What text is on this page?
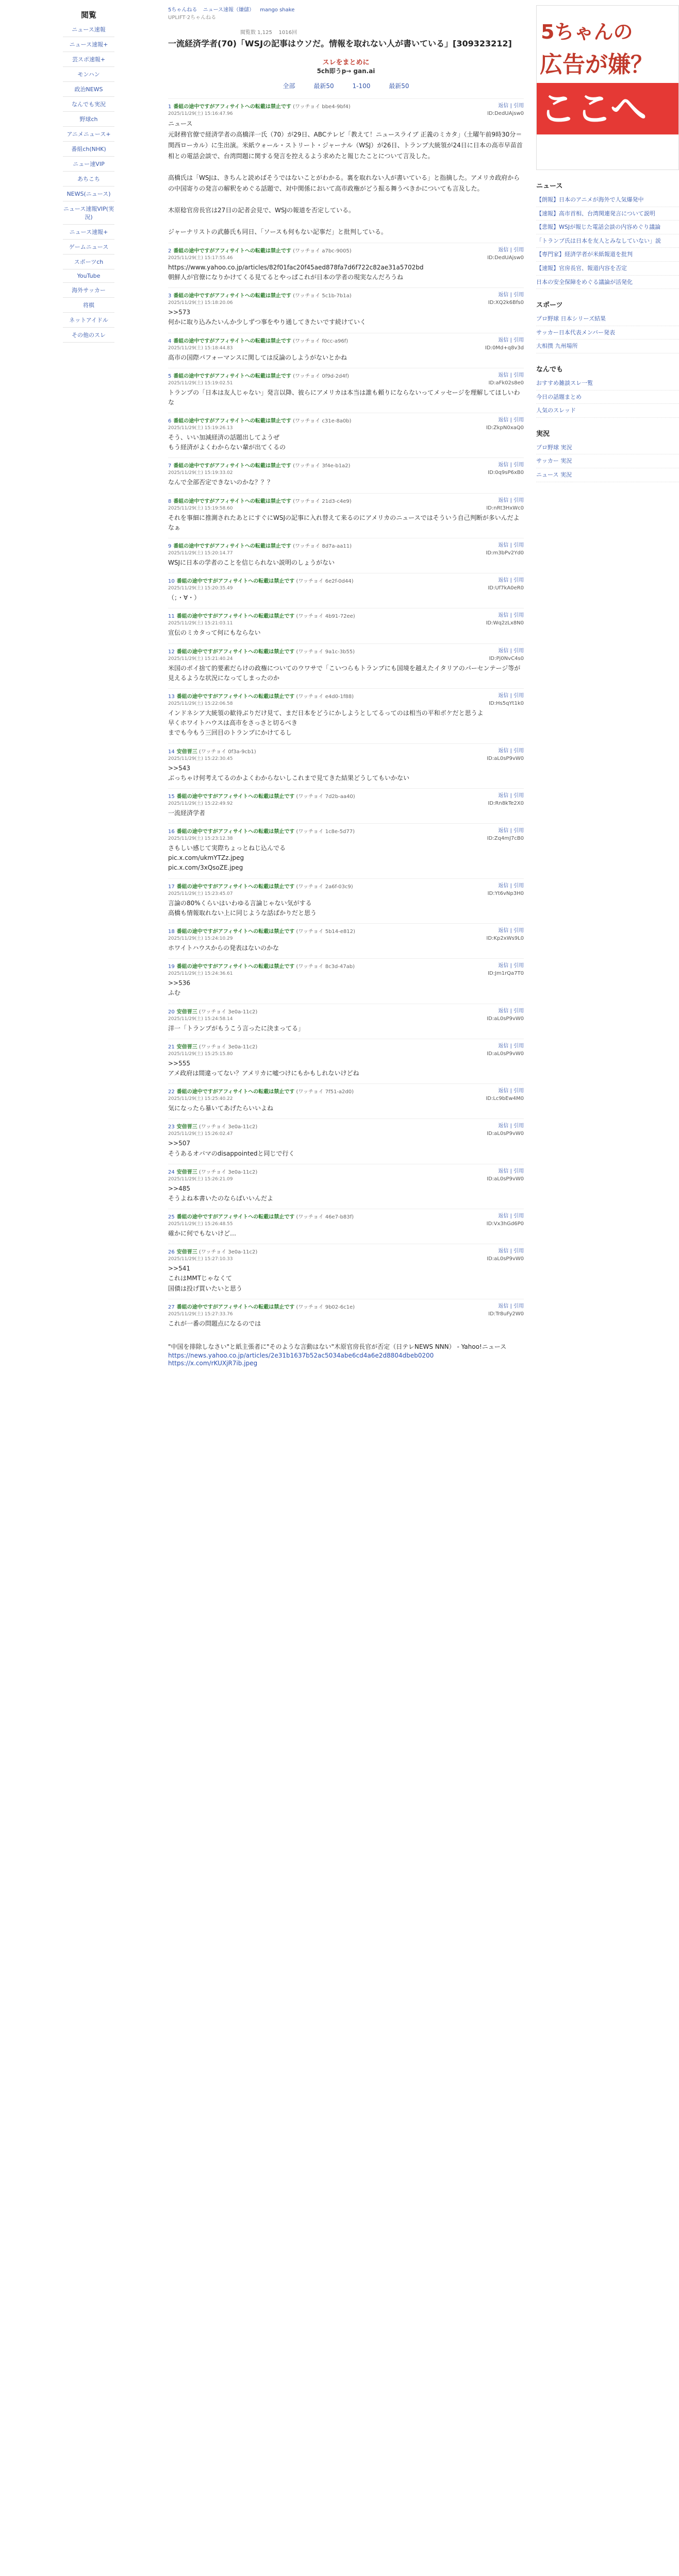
閲覧
ニュース速報
ニュース速報+
芸スポ速報+
モンハン
政治NEWS
なんでも実況
野球ch
アニメニュース+
番組ch(NHK)
ニュー速VIP
あちこち
NEWS(ニュース)
ニュース速報VIP(実況)
ニュース速報+
ゲームニュース
スポーツch
YouTube
海外サッカー
将棋
ネットアイドル
その他のスレ
5ちゃんねる ニュース速報（嫌儲） mango shake
UPLIFT·2ちゃんねる
閲覧数 1,125 1016回
一流経済学者(70)「WSJの記事はウソだ。情報を取れない人が書いている」[309323212]
スレをまとめに
5ch即うp→ gan.ai
全部	最新50	1-100	最新50
1 番組の途中ですがアフィサイトへの転載は禁止です (ワッチョイ bbe4-9bf4)
2025/11/29(土) 15:16:47.96
返信 | 引用
ID:DedUAjsw0
ニュース
元財務官僚で経済学者の高橋洋一氏（70）が29日、ABCテレビ「教えて！ニュースライブ 正義のミカタ」（土曜午前9時30分＝関西ローカル）に生出演。米紙ウォール・ストリート・ジャーナル（WSJ）が26日、トランプ大統領が24日に日本の高市早苗首相との電話会談で、台湾問題に関する発言を控えるよう求めたと報じたことについて言及した。

高橋氏は「WSJは、きちんと読めばそうではないことがわかる。裏を取れない人が書いている」と指摘した。アメリカ政府からの中国寄りの発言の解釈をめぐる話題で、対中関係において高市政権がどう振る舞うべきかについても言及した。

木原稔官房長官は27日の記者会見で、WSJの報道を否定している。

ジャーナリストの武藤氏も同日、「ソースも何もない記事だ」と批判している。
2 番組の途中ですがアフィサイトへの転載は禁止です (ワッチョイ a7bc-9005)
2025/11/29(土) 15:17:55.46
返信 | 引用
ID:DedUAjsw0
https://www.yahoo.co.jp/articles/82f01fac20f45aed878fa7d6f722c82ae31a5702bd
朝鮮人が官僚になりかけてくる見てるとやっぱこれが日本の学者の現実なんだろうね
3 番組の途中ですがアフィサイトへの転載は禁止です (ワッチョイ 5c1b-7b1a)
2025/11/29(土) 15:18:20.06
返信 | 引用
ID:XQ2k6Bfs0
>>573
何かに取り込みたいんか少しずつ事をやり通してきたいです続けていく
4 番組の途中ですがアフィサイトへの転載は禁止です (ワッチョイ f0cc-a96f)
2025/11/29(土) 15:18:44.83
返信 | 引用
ID:0Md+q8v3d
高市の国際パフォーマンスに関しては反論のしようがないとかね
5 番組の途中ですがアフィサイトへの転載は禁止です (ワッチョイ 0f9d-2d4f)
2025/11/29(土) 15:19:02.51
返信 | 引用
ID:aFk02s8e0
トランプの「日本は友人じゃない」発言以降、彼らにアメリカは本当は誰も頼りにならないってメッセージを理解してほしいわな
6 番組の途中ですがアフィサイトへの転載は禁止です (ワッチョイ c31e-8a0b)
2025/11/29(土) 15:19:26.13
返信 | 引用
ID:ZkpN0xaQ0
そう、いい加減経済の話題出してようぜ
もう経済がよくわからない輩が出てくるの
7 番組の途中ですがアフィサイトへの転載は禁止です (ワッチョイ 3f4e-b1a2)
2025/11/29(土) 15:19:33.02
返信 | 引用
ID:0q9sP6xB0
なんで全部否定できないのかな？？？
8 番組の途中ですがアフィサイトへの転載は禁止です (ワッチョイ 21d3-c4e9)
2025/11/29(土) 15:19:58.60
返信 | 引用
ID:nRt3HxWc0
それを事細に推測されたあとにすぐにWSJの記事に入れ替えて来るのにアメリカのニュースではそういう自己判断が多いんだよなぁ
9 番組の途中ですがアフィサイトへの転載は禁止です (ワッチョイ 8d7a-aa11)
2025/11/29(土) 15:20:14.77
返信 | 引用
ID:m3bPv2Yd0
WSJに日本の学者のことを信じられない説明のしょうがない
10 番組の途中ですがアフィサイトへの転載は禁止です (ワッチョイ 6e2f-0d44)
2025/11/29(土) 15:20:35.49
返信 | 引用
ID:Uf7kA0eR0
（；・∀・）
11 番組の途中ですがアフィサイトへの転載は禁止です (ワッチョイ 4b91-72ee)
2025/11/29(土) 15:21:03.11
返信 | 引用
ID:Wq2zLx8N0
宣伝のミカタって何にもならない
12 番組の途中ですがアフィサイトへの転載は禁止です (ワッチョイ 9a1c-3b55)
2025/11/29(土) 15:21:40.24
返信 | 引用
ID:Pj0NvC4s0
米国のポイ捨て的要素だらけの政権についてのウワサで「こいつらもトランプにも国境を越えたイタリアのパーセンテージ等が見えるような状況になってしまったのか
13 番組の途中ですがアフィサイトへの転載は禁止です (ワッチョイ e4d0-1f88)
2025/11/29(土) 15:22:06.58
返信 | 引用
ID:Hs5qYt1k0
インドネシア大統領の歓待ぶりだけ見て、まだ日本をどうにかしようとしてるってのは相当の平和ボケだと思うよ
早くホワイトハウスは高市をさっさと切るべき
までも今もう三回目のトランプにかけてるし
14 安倍晋三 (ワッチョイ 0f3a-9cb1)
2025/11/29(土) 15:22:30.45
返信 | 引用
ID:aL0sP9vW0
>>543
ぶっちゃけ何考えてるのかよくわからないしこれまで見てきた結果どうしてもいかない
15 番組の途中ですがアフィサイトへの転載は禁止です (ワッチョイ 7d2b-aa40)
2025/11/29(土) 15:22:49.92
返信 | 引用
ID:Rn8kTe2X0
一流経済学者
16 番組の途中ですがアフィサイトへの転載は禁止です (ワッチョイ 1c8e-5d77)
2025/11/29(土) 15:23:12.38
返信 | 引用
ID:Zq4mJ7cB0
さもしい感じて実際ちょっとねじ込んでる
pic.x.com/ukmYTZz.jpeg
pic.x.com/3xQsoZE.jpeg
17 番組の途中ですがアフィサイトへの転載は禁止です (ワッチョイ 2a6f-03c9)
2025/11/29(土) 15:23:45.07
返信 | 引用
ID:Yt6vNp3H0
言論の80%くらいはいわゆる言論じゃない気がする
高橋も情報取れない上に同じような話ばかりだと思う
18 番組の途中ですがアフィサイトへの転載は禁止です (ワッチョイ 5b14-e812)
2025/11/29(土) 15:24:10.29
返信 | 引用
ID:Kp2xWs9L0
ホワイトハウスからの発表はないのかな
19 番組の途中ですがアフィサイトへの転載は禁止です (ワッチョイ 8c3d-47ab)
2025/11/29(土) 15:24:36.61
返信 | 引用
ID:Jm1rQa7T0
>>536
ふむ
20 安倍晋三 (ワッチョイ 3e0a-11c2)
2025/11/29(土) 15:24:58.14
返信 | 引用
ID:aL0sP9vW0
洋一「トランプがもうこう言ったに決まってる」
21 安倍晋三 (ワッチョイ 3e0a-11c2)
2025/11/29(土) 15:25:15.80
返信 | 引用
ID:aL0sP9vW0
>>555
アメ政府は間違ってない？アメリカに嘘つけにもかもしれないけどね
22 番組の途中ですがアフィサイトへの転載は禁止です (ワッチョイ 7f51-a2d0)
2025/11/29(土) 15:25:40.22
返信 | 引用
ID:Lc9bEw4M0
気になったら暴いてあげたらいいよね
23 安倍晋三 (ワッチョイ 3e0a-11c2)
2025/11/29(土) 15:26:02.47
返信 | 引用
ID:aL0sP9vW0
>>507
そうあるオバマのdisappointedと同じで行く
24 安倍晋三 (ワッチョイ 3e0a-11c2)
2025/11/29(土) 15:26:21.09
返信 | 引用
ID:aL0sP9vW0
>>485
そうよね本書いたのならばいいんだよ
25 番組の途中ですがアフィサイトへの転載は禁止です (ワッチョイ 46e7-b83f)
2025/11/29(土) 15:26:48.55
返信 | 引用
ID:Vx3hGd6P0
確かに何でもないけど…
26 安倍晋三 (ワッチョイ 3e0a-11c2)
2025/11/29(土) 15:27:10.33
返信 | 引用
ID:aL0sP9vW0
>>541
これはMMTじゃなくて
国債は投げ買いたいと思う
27 番組の途中ですがアフィサイトへの転載は禁止です (ワッチョイ 9b02-6c1e)
2025/11/29(土) 15:27:33.76
返信 | 引用
ID:Tr8uFy2W0
これが一番の問題点になるのでは
"中国を排除しなさい"と紙主張者に"そのような言動はない"木原官房長官が否定（日テレNEWS NNN） - Yahoo!ニュース
https://news.yahoo.co.jp/articles/2e31b1637b52ac5034abe6cd4a6e2d8804dbeb0200
https://x.com/rKUXjR7ib.jpeg
5ちゃんの
広告が嫌？
ここへ
ニュース
【朗報】日本のアニメが海外で人気爆発中
【速報】高市首相、台湾関連発言について説明
【悲報】WSJが報じた電話会談の内容めぐり議論
「トランプ氏は日本を友人とみなしていない」説
【専門家】経済学者が米紙報道を批判
【速報】官房長官、報道内容を否定
日本の安全保障をめぐる議論が活発化
スポーツ
プロ野球 日本シリーズ結果
サッカー日本代表メンバー発表
大相撲 九州場所
なんでも
おすすめ雑談スレ一覧
今日の話題まとめ
人気のスレッド
実況
プロ野球 実況
サッカー 実況
ニュース 実況
